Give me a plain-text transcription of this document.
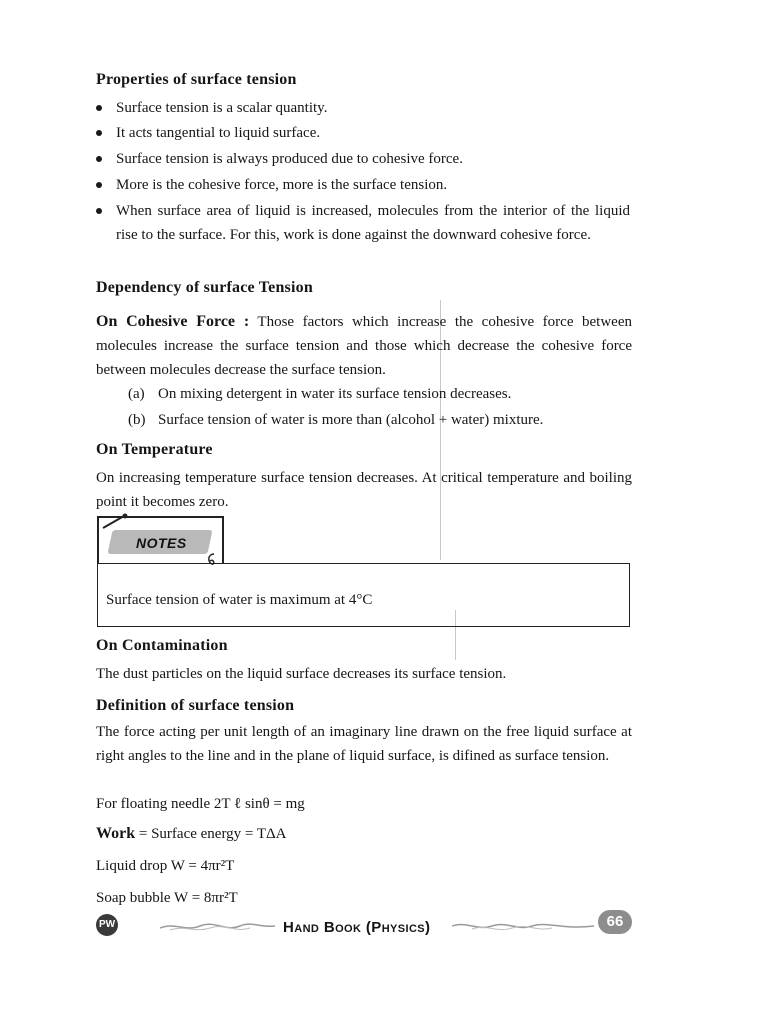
Properties of surface tension
Surface tension is a scalar quantity.
It acts tangential to liquid surface.
Surface tension is always produced due to cohesive force.
More is the cohesive force, more is the surface tension.
When surface area of liquid is increased, molecules from the interior of the liquid rise to the surface. For this, work is done against the downward cohesive force.
Dependency of surface Tension
On Cohesive Force : Those factors which increase the cohesive force between molecules increase the surface tension and those which decrease the cohesive force between molecules decrease the surface tension.
(a) On mixing detergent in water its surface tension decreases.
(b) Surface tension of water is more than (alcohol + water) mixture.
On Temperature
On increasing temperature surface tension decreases. At critical temperature and boiling point it becomes zero.
NOTES
Surface tension of water is maximum at 4°C
On Contamination
The dust particles on the liquid surface decreases its surface tension.
Definition of surface tension
The force acting per unit length of an imaginary line drawn on the free liquid surface at right angles to the line and in the plane of liquid surface, is difined as surface tension.
For floating needle 2T ℓ sinθ = mg
Work = Surface energy = TΔA
Liquid drop W = 4πr²T
Soap bubble W = 8πr²T
PW	Hand Book (Physics)	66
